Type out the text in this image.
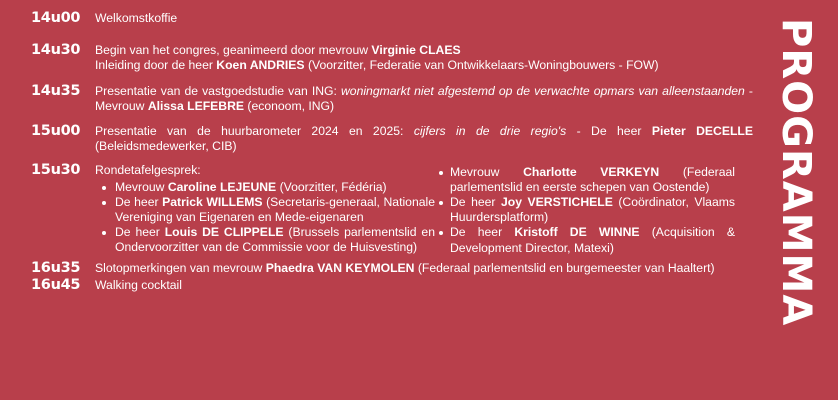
14u00	Welkomstkoffie
14u30	Begin van het congres, geanimeerd door mevrouw Virginie CLAES
Inleiding door de heer Koen ANDRIES (Voorzitter, Federatie van Ontwikkelaars-Woningbouwers - FOW)
14u35	Presentatie van de vastgoedstudie van ING: woningmarkt niet afgestemd op de verwachte opmars van alleenstaanden - Mevrouw Alissa LEFEBRE (econoom, ING)
15u00	Presentatie van de huurbarometer 2024 en 2025: cijfers in de drie regio's - De heer Pieter DECELLE (Beleidsmedewerker, CIB)
15u30	Rondetafelgesprek:
Mevrouw Caroline LEJEUNE (Voorzitter, Fédéria)
De heer Patrick WILLEMS (Secretaris-generaal, Nationale Vereniging van Eigenaren en Mede-eigenaren
De heer Louis DE CLIPPELE (Brussels parlementslid en Ondervoorzitter van de Commissie voor de Huisvesting)
Mevrouw Charlotte VERKEYN (Federaal parlementslid en eerste schepen van Oostende)
De heer Joy VERSTICHELE (Coördinator, Vlaams Huurdersplatform)
De heer Kristoff DE WINNE (Acquisition & Development Director, Matexi)
16u35	Slotopmerkingen van mevrouw Phaedra VAN KEYMOLEN (Federaal parlementslid en burgemeester van Haaltert)
16u45	Walking cocktail	PROGRAMMA
